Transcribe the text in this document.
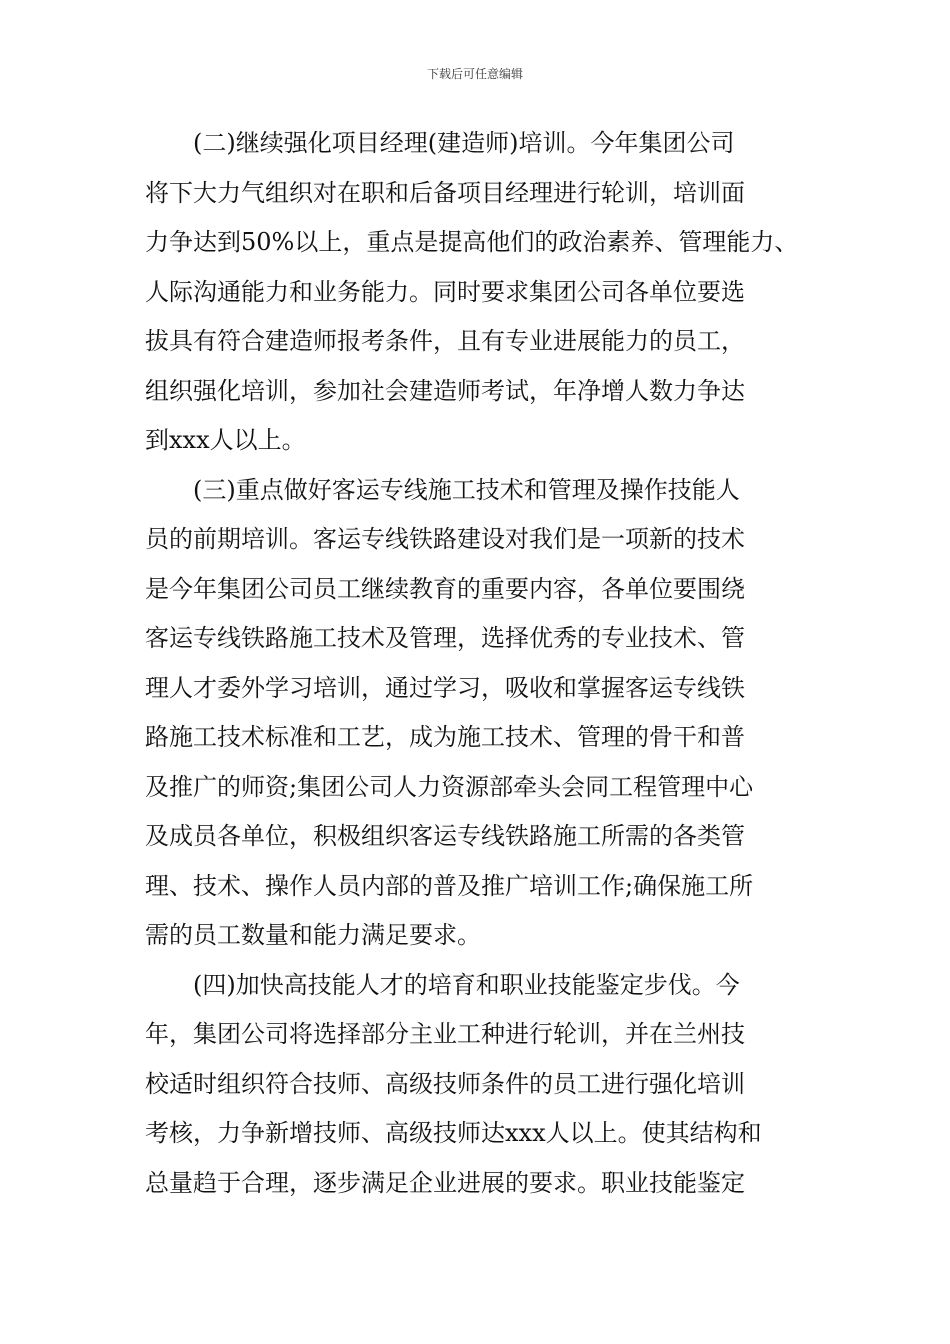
下载后可任意编辑
(二)继续强化项目经理(建造师)培训。今年集团公司
将下大力气组织对在职和后备项目经理进行轮训，培训面
力争达到50%以上，重点是提高他们的政治素养、管理能力、
人际沟通能力和业务能力。同时要求集团公司各单位要选
拔具有符合建造师报考条件，且有专业进展能力的员工，
组织强化培训，参加社会建造师考试，年净增人数力争达
到xxx人以上。
(三)重点做好客运专线施工技术和管理及操作技能人
员的前期培训。客运专线铁路建设对我们是一项新的技术
是今年集团公司员工继续教育的重要内容，各单位要围绕
客运专线铁路施工技术及管理，选择优秀的专业技术、管
理人才委外学习培训，通过学习，吸收和掌握客运专线铁
路施工技术标准和工艺，成为施工技术、管理的骨干和普
及推广的师资;集团公司人力资源部牵头会同工程管理中心
及成员各单位，积极组织客运专线铁路施工所需的各类管
理、技术、操作人员内部的普及推广培训工作;确保施工所
需的员工数量和能力满足要求。
(四)加快高技能人才的培育和职业技能鉴定步伐。今
年，集团公司将选择部分主业工种进行轮训，并在兰州技
校适时组织符合技师、高级技师条件的员工进行强化培训
考核，力争新增技师、高级技师达xxx人以上。使其结构和
总量趋于合理，逐步满足企业进展的要求。职业技能鉴定
